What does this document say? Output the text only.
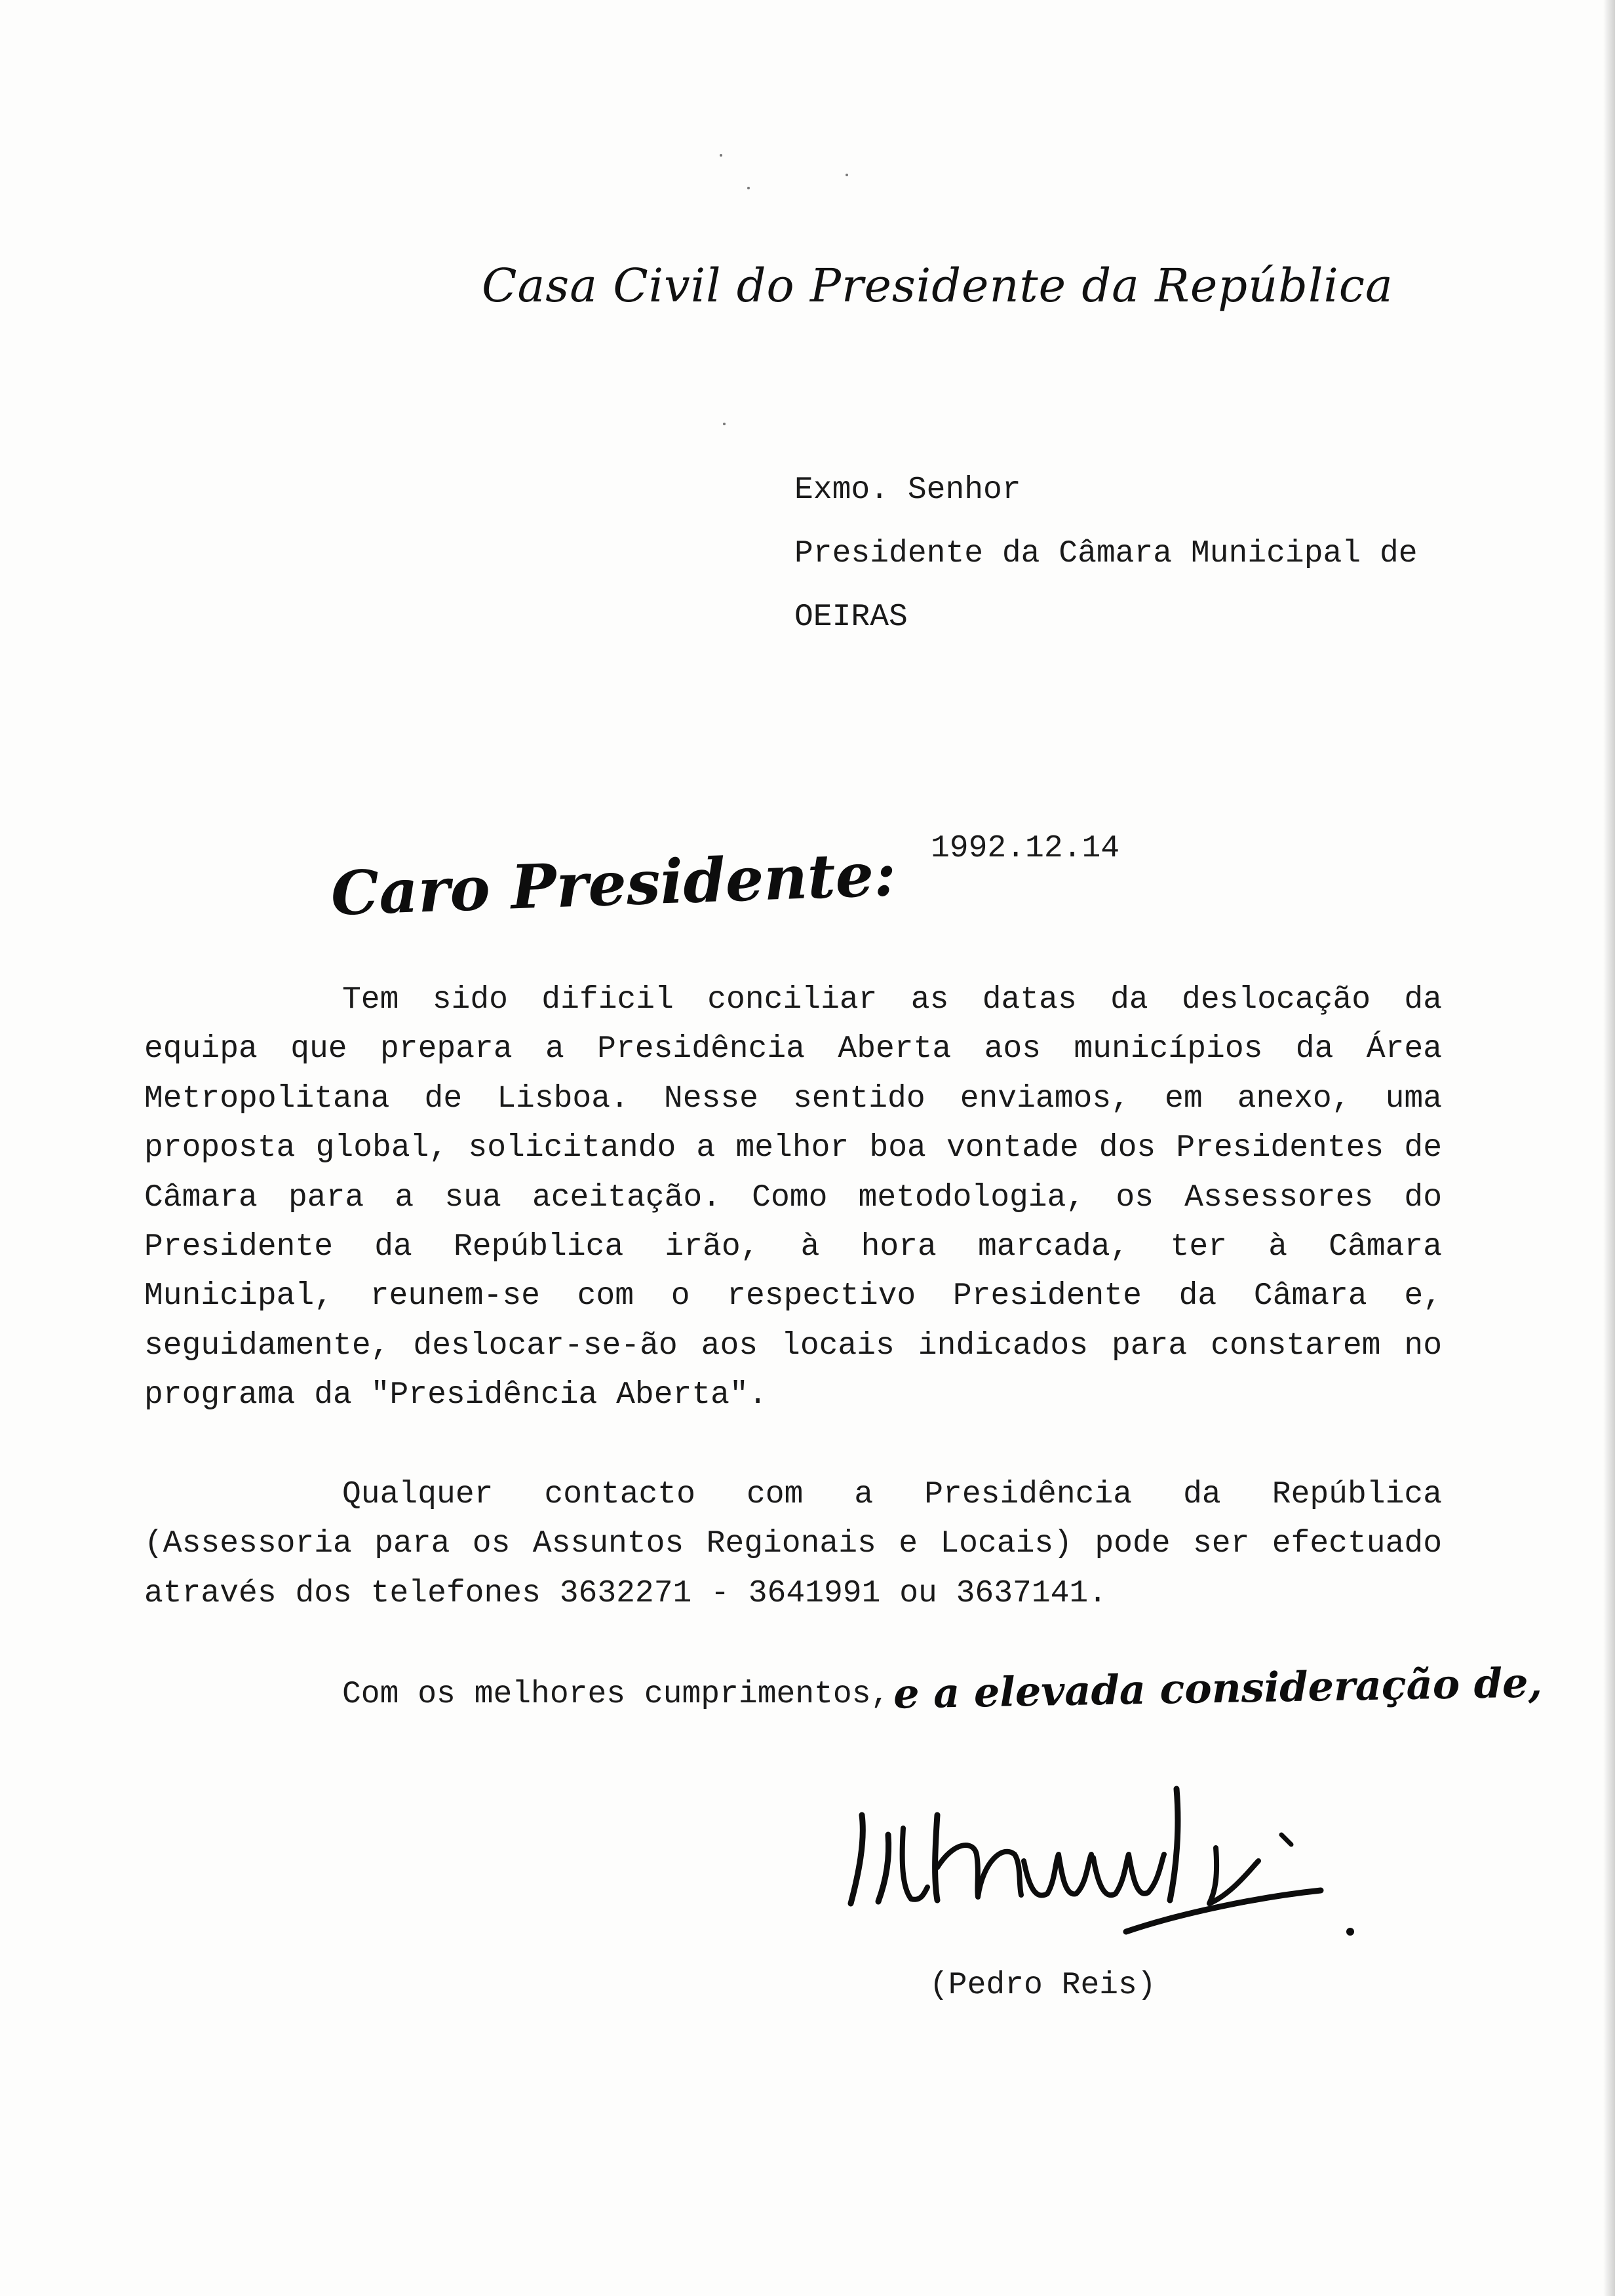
Casa Civil do Presidente da República
Exmo. Senhor
Presidente da Câmara Municipal de
OEIRAS
1992.12.14
Caro Presidente:
Tem sido dificil conciliar as datas da deslocação da equipa que prepara a Presidência Aberta aos municípios da Área Metropolitana de Lisboa. Nesse sentido enviamos, em anexo, uma proposta global, solicitando a melhor boa vontade dos Presidentes de Câmara para a sua aceitação. Como metodologia, os Assessores do Presidente da República irão, à hora marcada, ter à Câmara Municipal, reunem-se com o respectivo Presidente da Câmara e, seguidamente, deslocar-se-ão aos locais indicados para constarem no programa da "Presidência Aberta".
Qualquer contacto com a Presidência da República (Assessoria para os Assuntos Regionais e Locais) pode ser efectuado através dos telefones 3632271 - 3641991 ou 3637141.
Com os melhores cumprimentos, e a elevada consideração de,
(Pedro Reis)
